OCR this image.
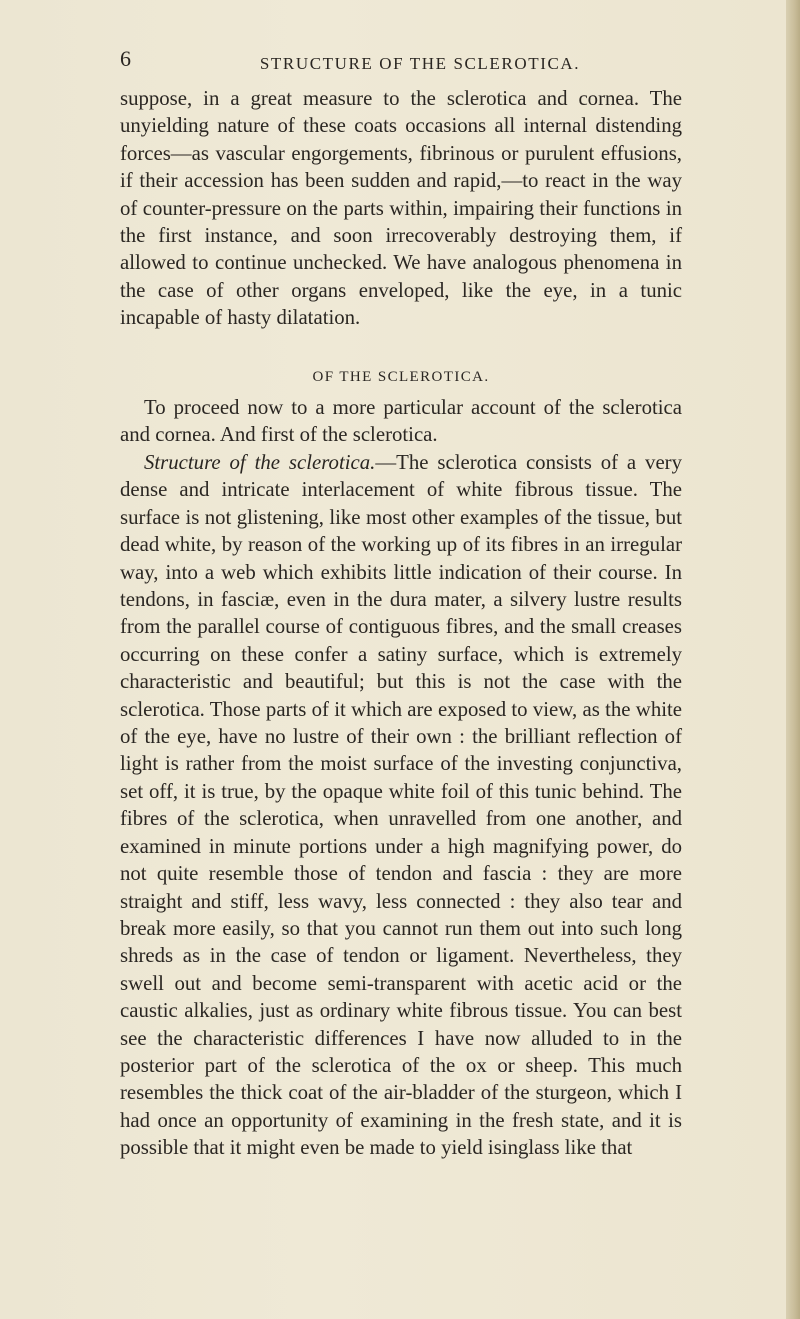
6	STRUCTURE OF THE SCLEROTICA.

suppose, in a great measure to the sclerotica and cornea. The unyielding nature of these coats occasions all internal distending forces—as vascular engorgements, fibrinous or purulent effusions, if their accession has been sudden and rapid,—to react in the way of counter-pressure on the parts within, impairing their functions in the first instance, and soon irrecoverably destroying them, if allowed to continue unchecked. We have analogous phenomena in the case of other organs enveloped, like the eye, in a tunic incapable of hasty dilatation.

OF THE SCLEROTICA.

To proceed now to a more particular account of the sclerotica and cornea. And first of the sclerotica.

Structure of the sclerotica.—The sclerotica consists of a very dense and intricate interlacement of white fibrous tissue. The surface is not glistening, like most other examples of the tissue, but dead white, by reason of the working up of its fibres in an irregular way, into a web which exhibits little indication of their course. In tendons, in fasciæ, even in the dura mater, a silvery lustre results from the parallel course of contiguous fibres, and the small creases occurring on these confer a satiny surface, which is extremely characteristic and beautiful; but this is not the case with the sclerotica. Those parts of it which are exposed to view, as the white of the eye, have no lustre of their own : the brilliant reflection of light is rather from the moist surface of the investing conjunctiva, set off, it is true, by the opaque white foil of this tunic behind. The fibres of the sclerotica, when unravelled from one another, and examined in minute portions under a high magnifying power, do not quite resemble those of tendon and fascia : they are more straight and stiff, less wavy, less connected : they also tear and break more easily, so that you cannot run them out into such long shreds as in the case of tendon or ligament. Nevertheless, they swell out and become semi-transparent with acetic acid or the caustic alkalies, just as ordinary white fibrous tissue. You can best see the characteristic differences I have now alluded to in the posterior part of the sclerotica of the ox or sheep. This much resembles the thick coat of the air-bladder of the sturgeon, which I had once an opportunity of examining in the fresh state, and it is possible that it might even be made to yield isinglass like that
